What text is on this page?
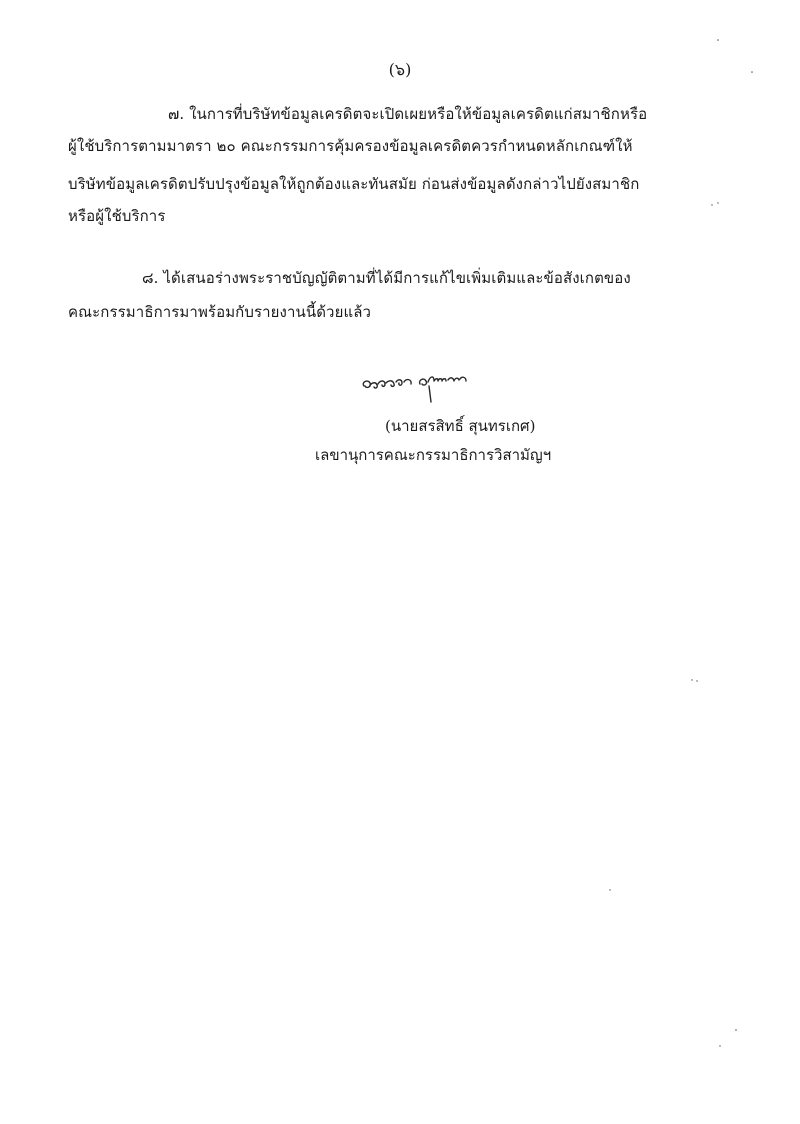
(๖)
๗. ในการที่บริษัทข้อมูลเครดิตจะเปิดเผยหรือให้ข้อมูลเครดิตแก่สมาชิกหรือ
ผู้ใช้บริการตามมาตรา ๒๐ คณะกรรมการคุ้มครองข้อมูลเครดิตควรกำหนดหลักเกณฑ์ให้
บริษัทข้อมูลเครดิตปรับปรุงข้อมูลให้ถูกต้องและทันสมัย ก่อนส่งข้อมูลดังกล่าวไปยังสมาชิก
หรือผู้ใช้บริการ
๘. ได้เสนอร่างพระราชบัญญัติตามที่ได้มีการแก้ไขเพิ่มเติมและข้อสังเกตของ
คณะกรรมาธิการมาพร้อมกับรายงานนี้ด้วยแล้ว
(นายสรสิทธิ์ สุนทรเกศ)
เลขานุการคณะกรรมาธิการวิสามัญฯ
